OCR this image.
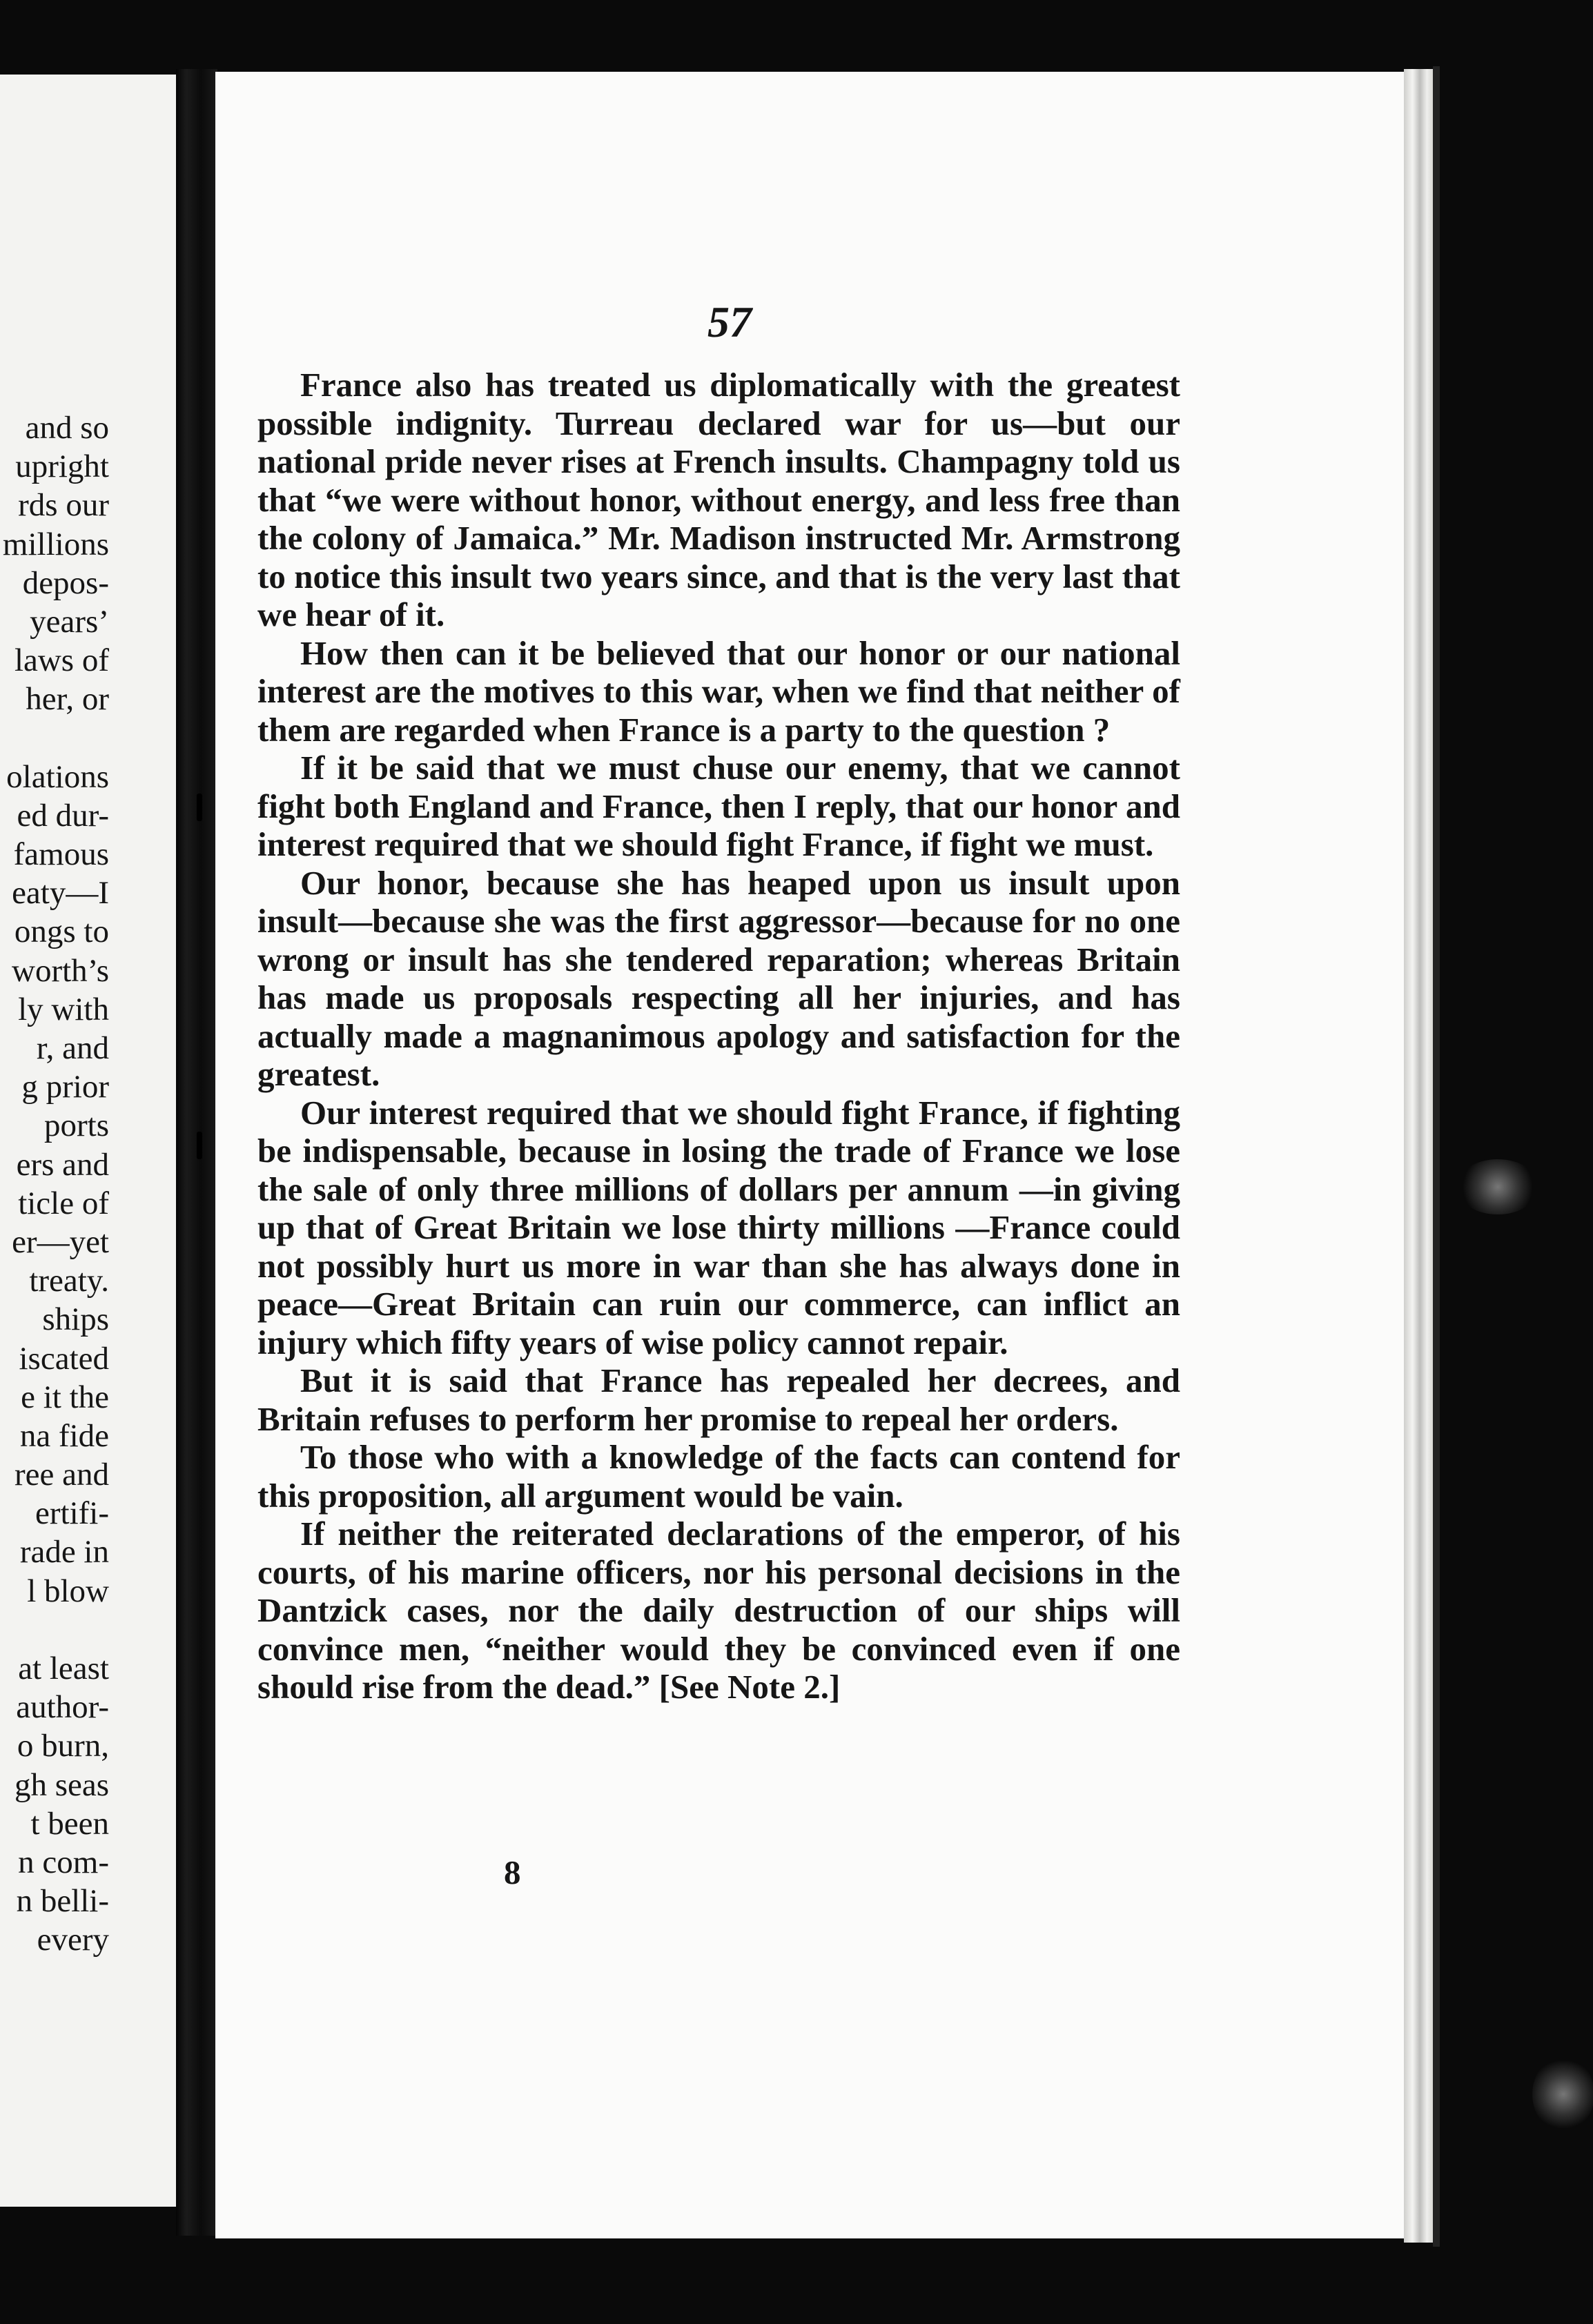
and so
upright
rds our
millions
depos-
years’
laws of
her, or
olations
ed dur-
famous
eaty—I
ongs to
worth’s
ly with
r, and
g prior
ports
ers and
ticle of
er—yet
treaty.
ships
iscated
e it the
na fide
ree and
ertifi-
rade in
l blow
at least
author-
o burn,
gh seas
t been
n com-
n belli-
every
57

France also has treated us diplomatically with the greatest possible indignity. Turreau declared war for us—but our national pride never rises at French insults. Champagny told us that “we were without honor, without energy, and less free than the colony of Jamaica.” Mr. Madison instructed Mr. Armstrong to notice this insult two years since, and that is the very last that we hear of it.

How then can it be believed that our honor or our national interest are the motives to this war, when we find that neither of them are regarded when France is a party to the question ?

If it be said that we must chuse our enemy, that we cannot fight both England and France, then I reply, that our honor and interest required that we should fight France, if fight we must.

Our honor, because she has heaped upon us insult upon insult—because she was the first aggressor—because for no one wrong or insult has she tendered reparation; whereas Britain has made us proposals respecting all her injuries, and has actually made a magnanimous apology and satisfaction for the greatest.

Our interest required that we should fight France, if fighting be indispensable, because in losing the trade of France we lose the sale of only three millions of dollars per annum —in giving up that of Great Britain we lose thirty millions —France could not possibly hurt us more in war than she has always done in peace—Great Britain can ruin our commerce, can inflict an injury which fifty years of wise policy cannot repair.

But it is said that France has repealed her decrees, and Britain refuses to perform her promise to repeal her orders.

To those who with a knowledge of the facts can contend for this proposition, all argument would be vain.

If neither the reiterated declarations of the emperor, of his courts, of his marine officers, nor his personal decisions in the Dantzick cases, nor the daily destruction of our ships will convince men, “neither would they be convinced even if one should rise from the dead.” [See Note 2.]

8
